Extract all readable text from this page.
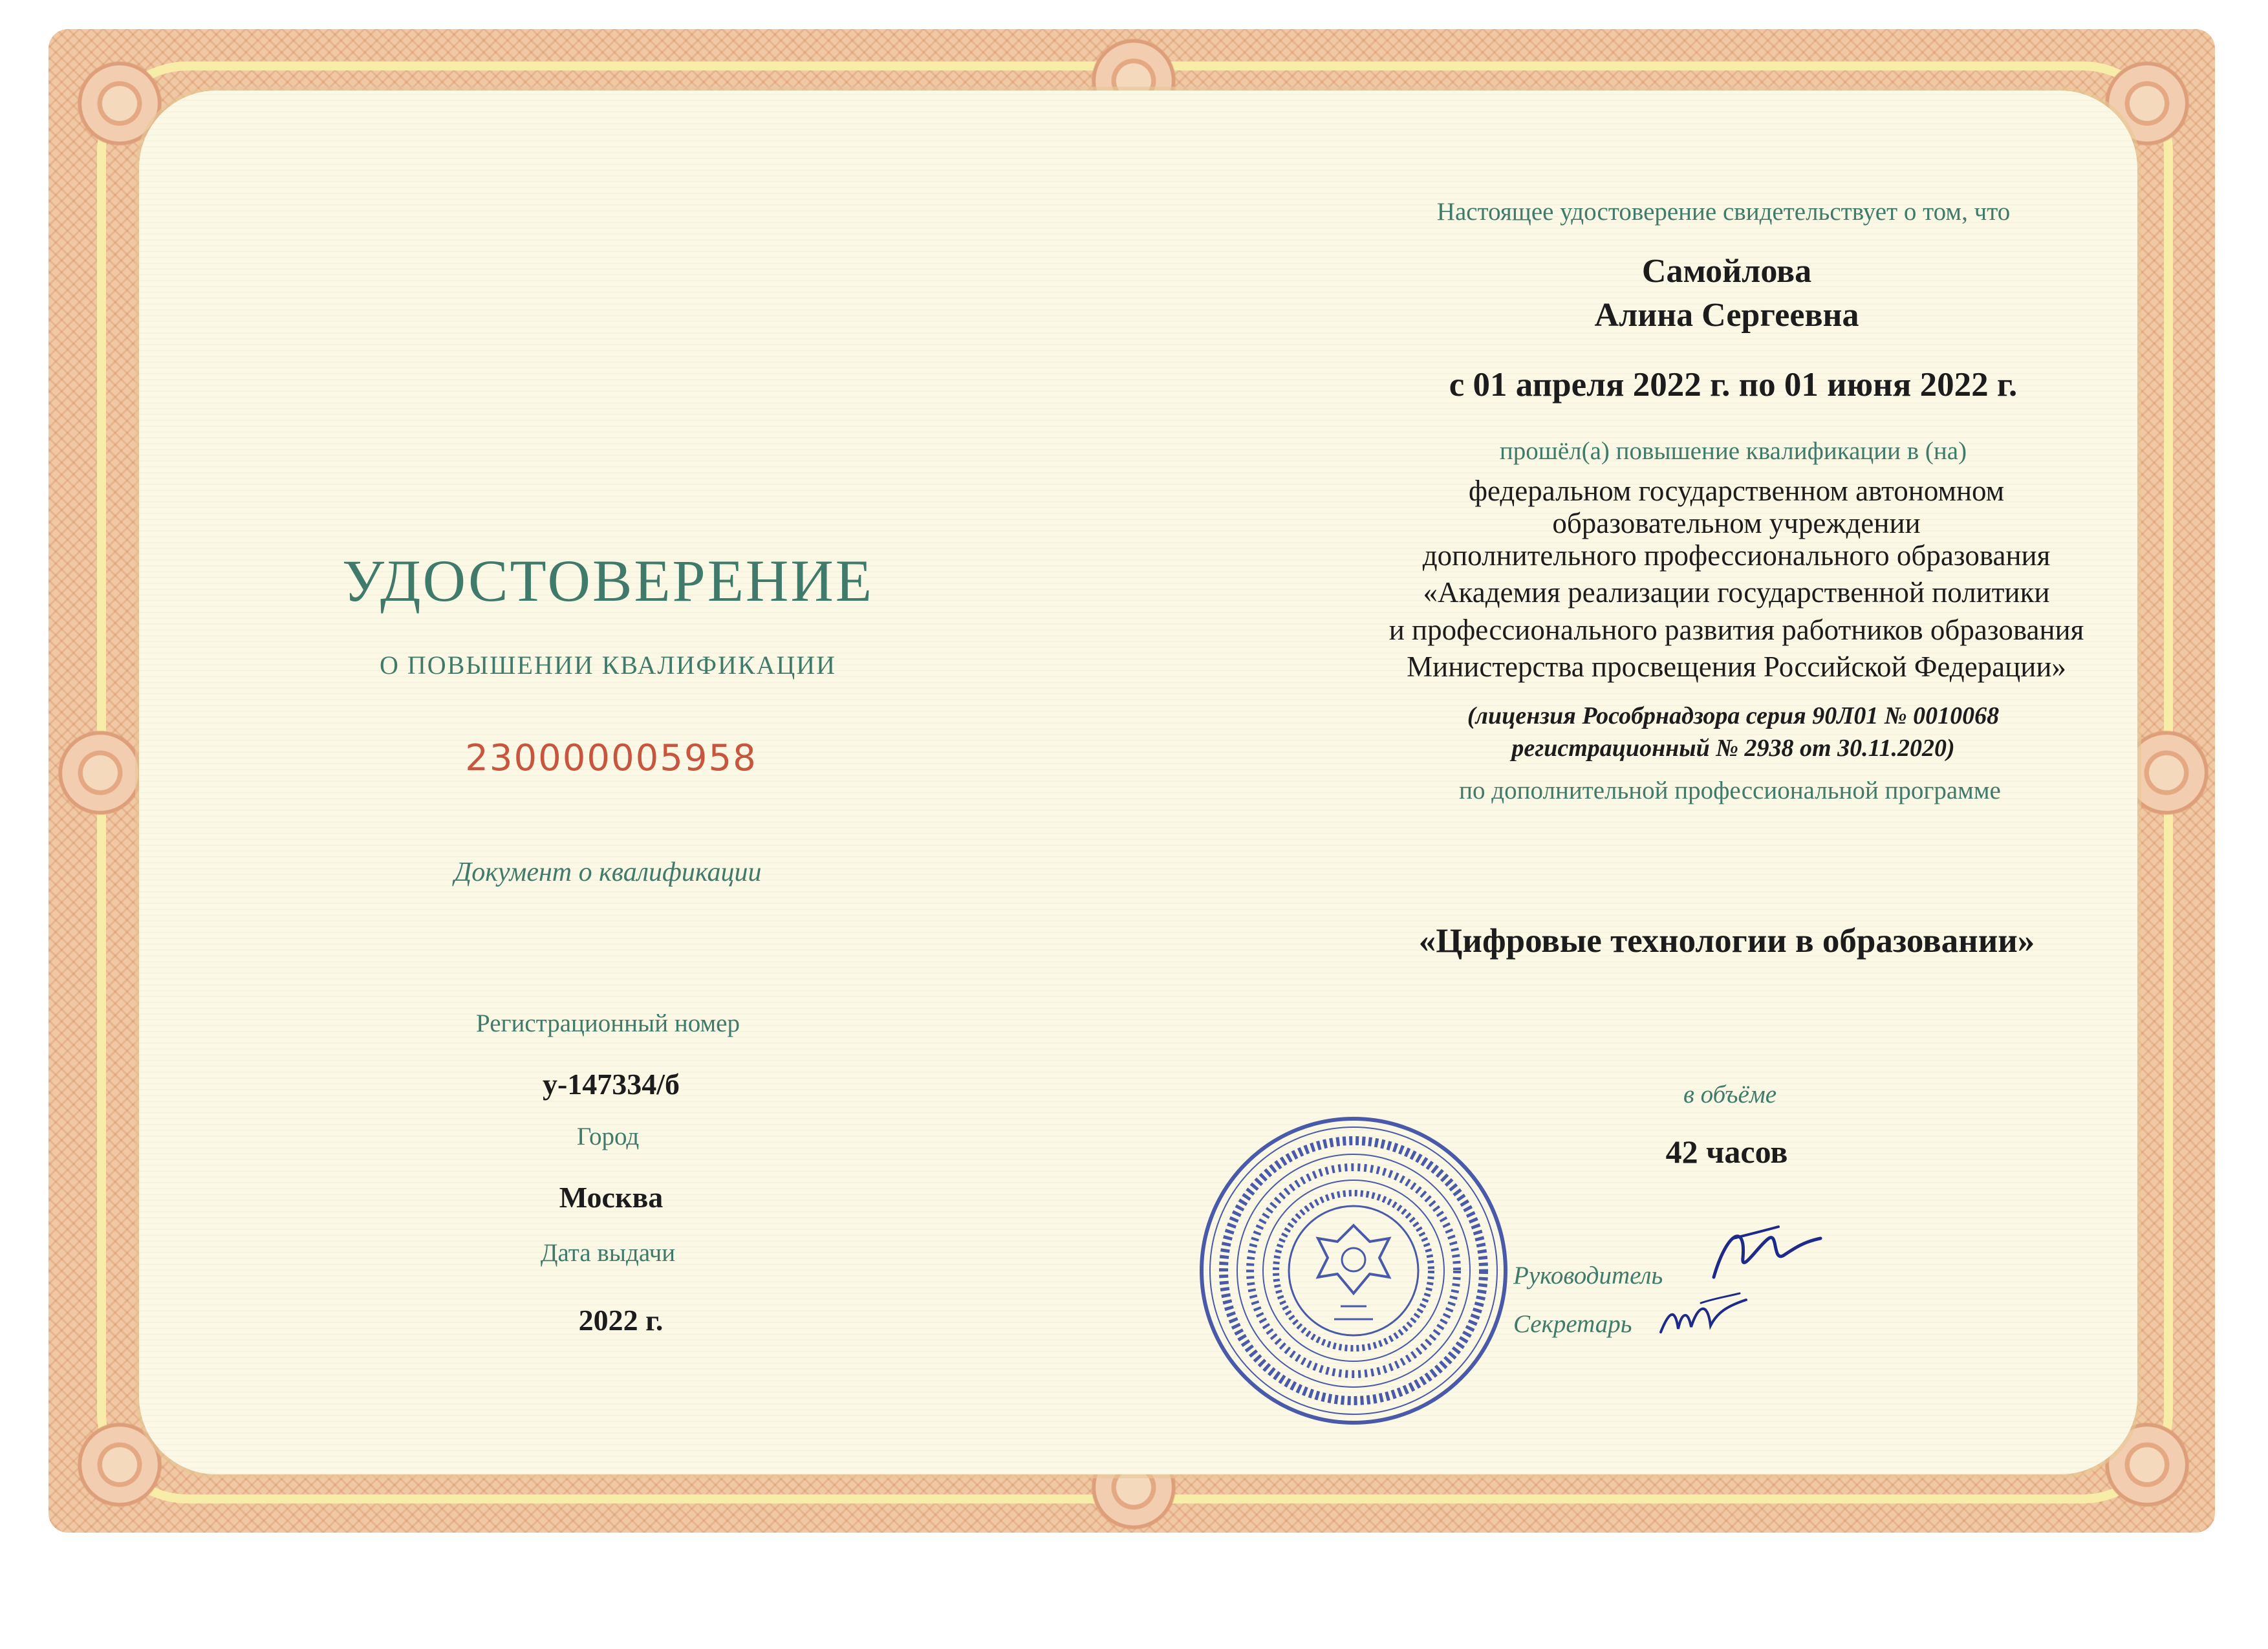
УДОСТОВЕРЕНИЕ
О ПОВЫШЕНИИ КВАЛИФИКАЦИИ
230000005958
Документ о квалификации
Регистрационный номер
у-147334/б
Город
Москва
Дата выдачи
2022 г.
Настоящее удостоверение свидетельствует о том, что
Самойлова
Алина Сергеевна
с 01 апреля 2022 г. по 01 июня 2022 г.
прошёл(а) повышение квалификации в (на)
федеральном государственном автономном
образовательном учреждении
дополнительного профессионального образования
«Академия реализации государственной политики
и профессионального развития работников образования
Министерства просвещения Российской Федерации»
(лицензия Рособрнадзора серия 90Л01 № 0010068
регистрационный № 2938 от 30.11.2020)
по дополнительной профессиональной программе
«Цифровые технологии в образовании»
в объёме
42 часов
Руководитель
Секретарь
